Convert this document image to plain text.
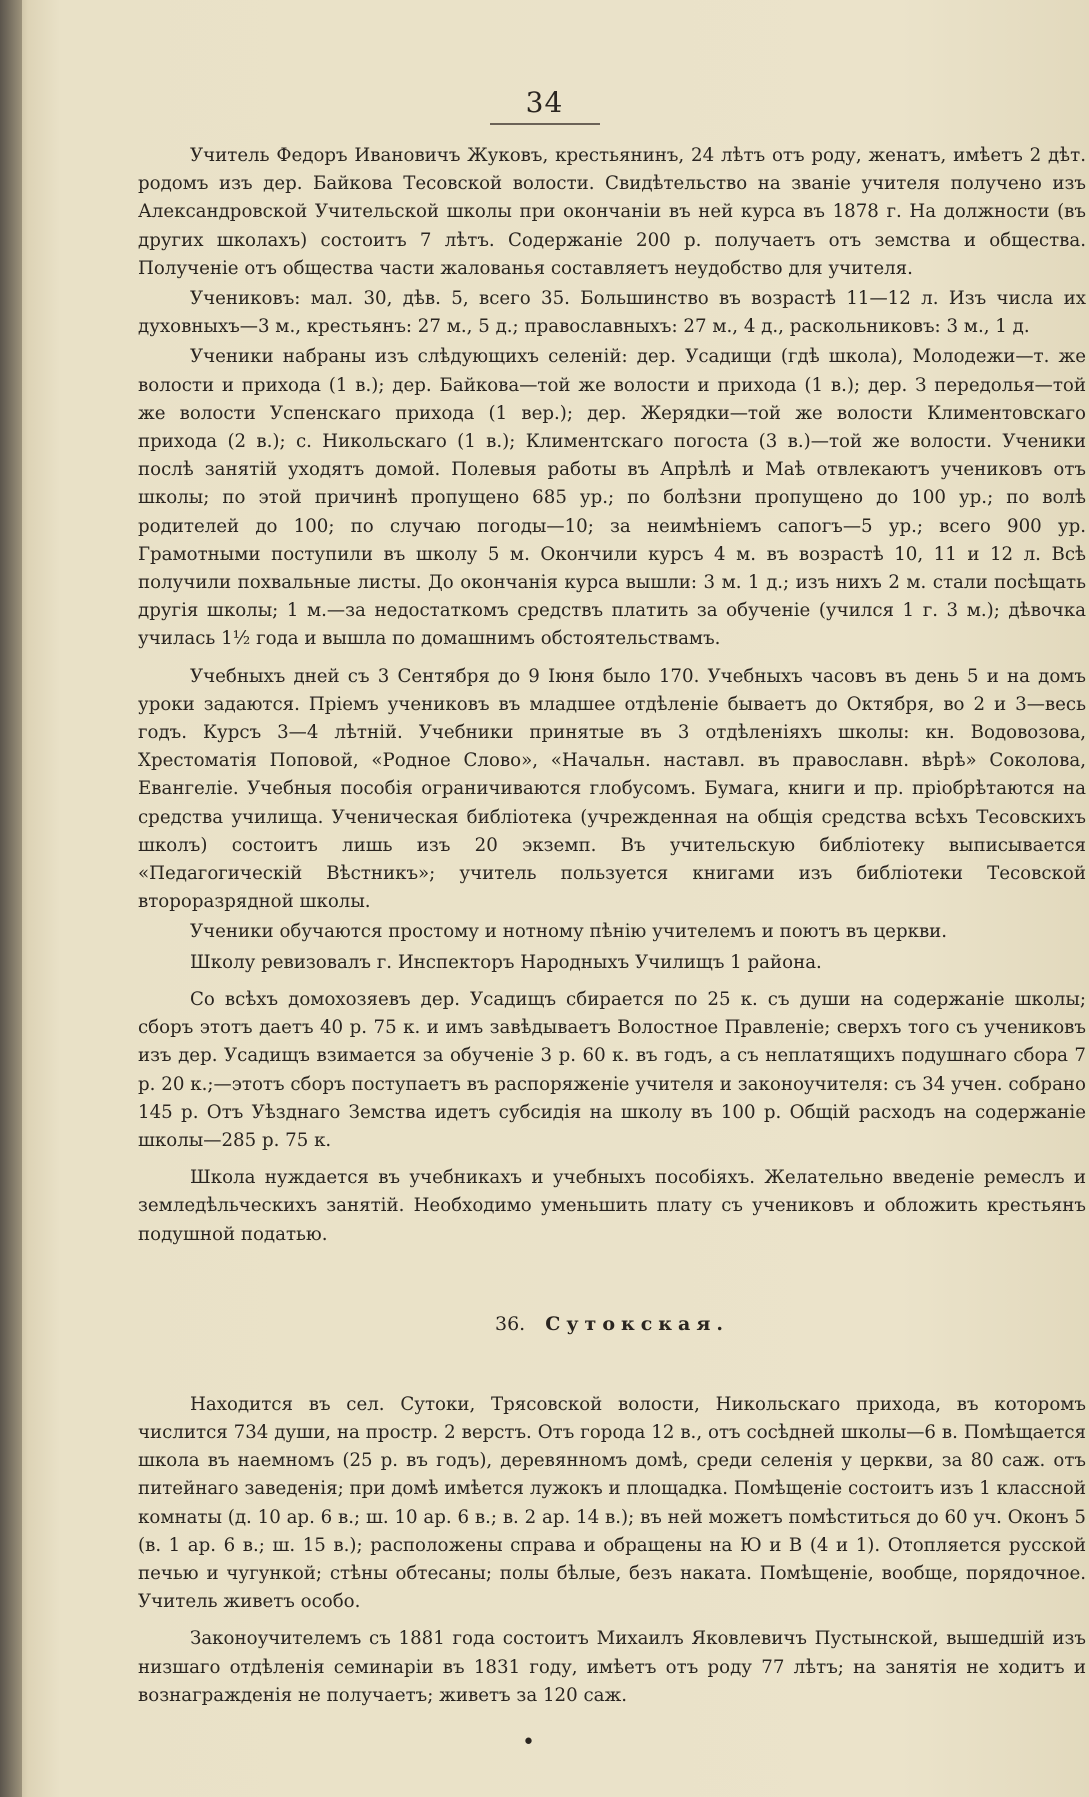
34

Учитель Федоръ Ивановичъ Жуковъ, крестьянинъ, 24 лѣтъ отъ роду, женатъ, имѣетъ 2 дѣт. родомъ изъ дер. Байкова Тесовской волости. Свидѣтельство на званіе учителя получено изъ Александровской Учительской школы при окончаніи въ ней курса въ 1878 г. На должности (въ других школахъ) состоитъ 7 лѣтъ. Содержаніе 200 р. получаетъ отъ земства и общества. Полученіе отъ общества части жалованья составляетъ неудобство для учителя.

Учениковъ: мал. 30, дѣв. 5, всего 35. Большинство въ возрастѣ 11—12 л. Изъ числа их духовныхъ—3 м., крестьянъ: 27 м., 5 д.; православныхъ: 27 м., 4 д., раскольниковъ: 3 м., 1 д.

Ученики набраны изъ слѣдующихъ селеній: дер. Усадищи (гдѣ школа), Молодежи—т. же волости и прихода (1 в.); дер. Байкова—той же волости и прихода (1 в.); дер. З передолья—той же волости Успенскаго прихода (1 вер.); дер. Жерядки—той же волости Климентовскаго прихода (2 в.); с. Никольскаго (1 в.); Климентскаго погоста (3 в.)—той же волости. Ученики послѣ занятій уходятъ домой. Полевыя работы въ Апрѣлѣ и Маѣ отвлекаютъ учениковъ отъ школы; по этой причинѣ пропущено 685 ур.; по болѣзни пропущено до 100 ур.; по волѣ родителей до 100; по случаю погоды—10; за неимѣніемъ сапогъ—5 ур.; всего 900 ур. Грамотными поступили въ школу 5 м. Окончили курсъ 4 м. въ возрастѣ 10, 11 и 12 л. Всѣ получили похвальные листы. До окончанія курса вышли: 3 м. 1 д.; изъ нихъ 2 м. стали посѣщать другія школы; 1 м.—за недостаткомъ средствъ платить за обученіе (учился 1 г. 3 м.); дѣвочка училась 1½ года и вышла по домашнимъ обстоятельствамъ.

Учебныхъ дней съ 3 Сентября до 9 Іюня было 170. Учебныхъ часовъ въ день 5 и на домъ уроки задаются. Пріемъ учениковъ въ младшее отдѣленіе бываетъ до Октября, во 2 и 3—весь годъ. Курсъ 3—4 лѣтній. Учебники принятые въ 3 отдѣленіяхъ школы: кн. Водовозова, Хрестоматія Поповой, «Родное Слово», «Начальн. наставл. въ православн. вѣрѣ» Соколова, Евангеліе. Учебныя пособія ограничиваются глобусомъ. Бумага, книги и пр. пріобрѣтаются на средства училища. Ученическая библіотека (учрежденная на общія средства всѣхъ Тесовскихъ школъ) состоитъ лишь изъ 20 экземп. Въ учительскую библіотеку выписывается «Педагогическій Вѣстникъ»; учитель пользуется книгами изъ библіотеки Тесовской второразрядной школы.

Ученики обучаются простому и нотному пѣнію учителемъ и поютъ въ церкви.

Школу ревизовалъ г. Инспекторъ Народныхъ Училищъ 1 района.

Со всѣхъ домохозяевъ дер. Усадищъ сбирается по 25 к. съ души на содержаніе школы; сборъ этотъ даетъ 40 р. 75 к. и имъ завѣдываетъ Волостное Правленіе; сверхъ того съ учениковъ изъ дер. Усадищъ взимается за обученіе 3 р. 60 к. въ годъ, а съ неплатящихъ подушнаго сбора 7 р. 20 к.;—этотъ сборъ поступаетъ въ распоряженіе учителя и законоучителя: съ 34 учен. собрано 145 р. Отъ Уѣзднаго Земства идетъ субсидія на школу въ 100 р. Общій расходъ на содержаніе школы—285 р. 75 к.

Школа нуждается въ учебникахъ и учебныхъ пособіяхъ. Желательно введеніе ремеслъ и земледѣльческихъ занятій. Необходимо уменьшить плату съ учениковъ и обложить крестьянъ подушной податью.

36. Сутокская.

Находится въ сел. Сутоки, Трясовской волости, Никольскаго прихода, въ которомъ числится 734 души, на простр. 2 верстъ. Отъ города 12 в., отъ сосѣдней школы—6 в. Помѣщается школа въ наемномъ (25 р. въ годъ), деревянномъ домѣ, среди селенія у церкви, за 80 саж. отъ питейнаго заведенія; при домѣ имѣется лужокъ и площадка. Помѣщеніе состоитъ изъ 1 классной комнаты (д. 10 ар. 6 в.; ш. 10 ар. 6 в.; в. 2 ар. 14 в.); въ ней можетъ помѣститься до 60 уч. Оконъ 5 (в. 1 ар. 6 в.; ш. 15 в.); расположены справа и обращены на Ю и В (4 и 1). Отопляется русской печью и чугункой; стѣны обтесаны; полы бѣлые, безъ наката. Помѣщеніе, вообще, порядочное. Учитель живетъ особо.

Законоучителемъ съ 1881 года состоитъ Михаилъ Яковлевичъ Пустынской, вышедшій изъ низшаго отдѣленія семинаріи въ 1831 году, имѣетъ отъ роду 77 лѣтъ; на занятія не ходитъ и вознагражденія не получаетъ; живетъ за 120 саж.

•
